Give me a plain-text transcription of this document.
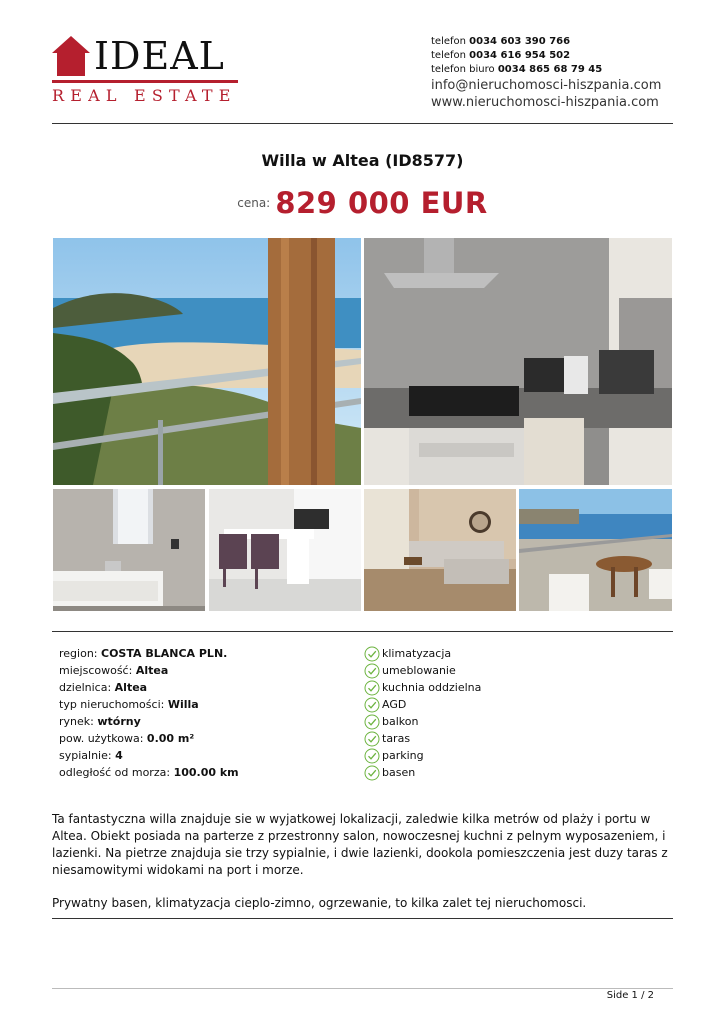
IDEAL
REAL ESTATE
telefon 0034 603 390 766
telefon 0034 616 954 502
telefon biuro 0034 865 68 79 45
info@nieruchomosci-hiszpania.com
www.nieruchomosci-hiszpania.com
Willa w Altea (ID8577)
cena: 829 000 EUR
region: COSTA BLANCA PLN.
miejscowość: Altea
dzielnica: Altea
typ nieruchomości: Willa
rynek: wtórny
pow. użytkowa: 0.00 m²
sypialnie: 4
odległość od morza: 100.00 km
klimatyzacja
umeblowanie
kuchnia oddzielna
AGD
balkon
taras
parking
basen

Ta fantastyczna willa znajduje sie w wyjatkowej lokalizacji, zaledwie kilka metrów od plaży i portu w Altea. Obiekt posiada na parterze z przestronny salon, nowoczesnej kuchni z pelnym wyposazeniem, i lazienki. Na pietrze znajduja sie trzy sypialnie, i dwie lazienki, dookola pomieszczenia jest duzy taras z niesamowitymi widokami na port i morze.

Prywatny basen, klimatyzacja cieplo-zimno, ogrzewanie, to kilka zalet tej nieruchomosci.

Side 1 / 2
